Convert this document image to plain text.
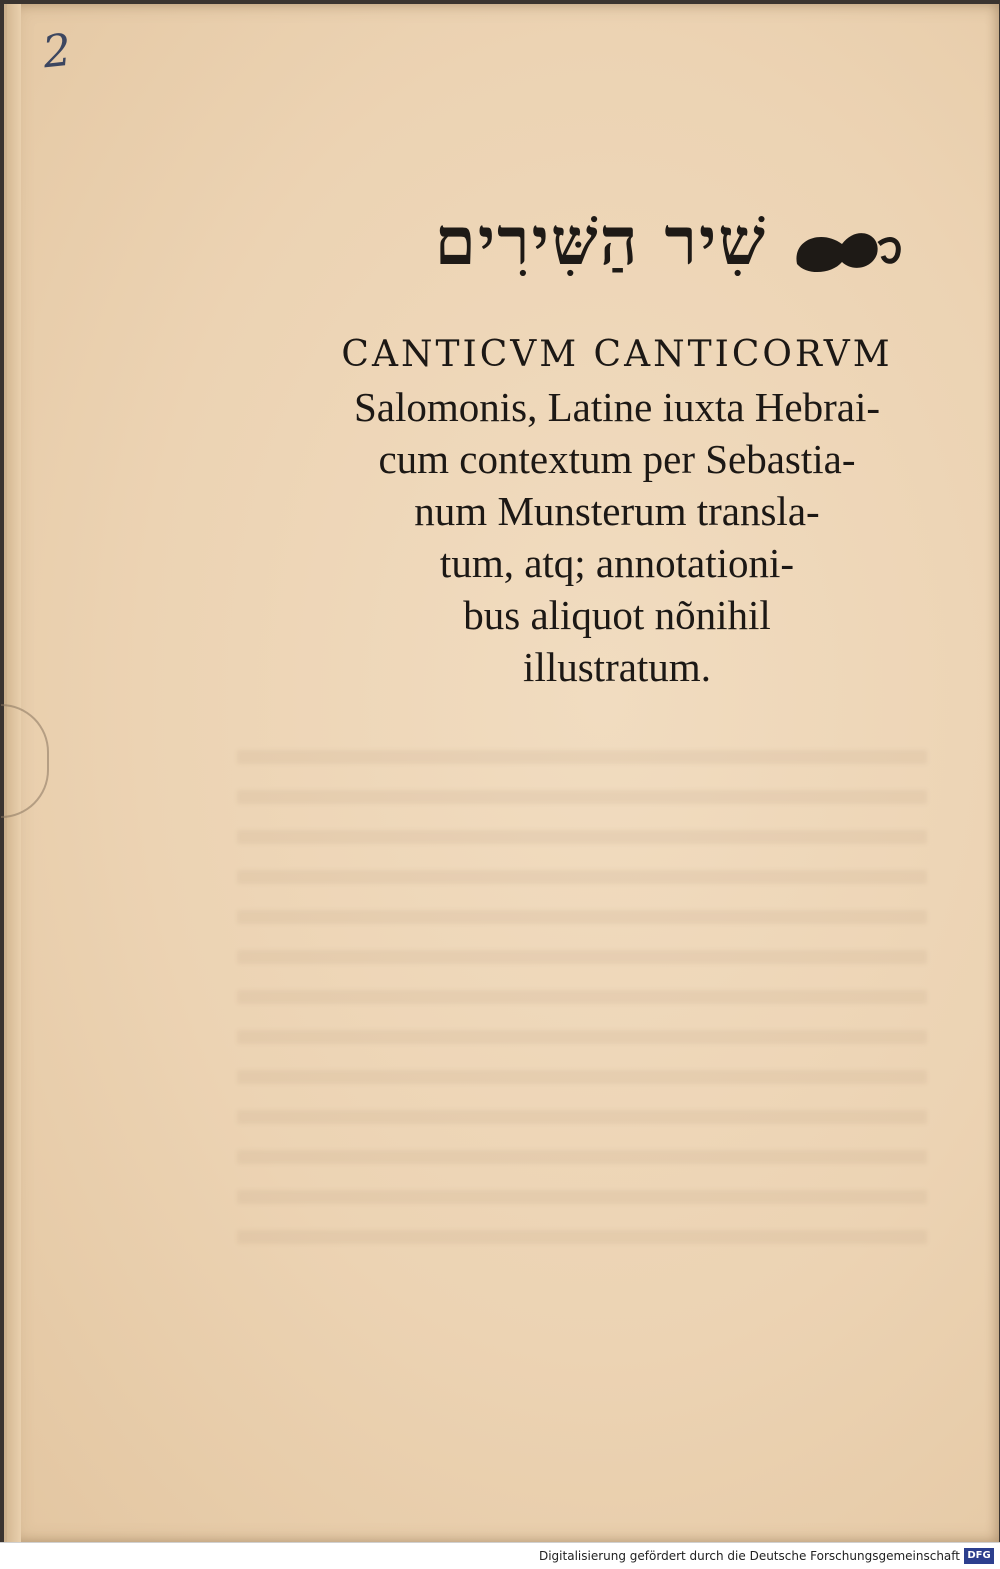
2
שִׁיר הַשִּׁירִים

CANTICVM CANTICORVM

Salomonis, Latine iuxta Hebrai-

cum contextum per Sebastia-

num Munsterum transla-

tum, atq; annotationi-

bus aliquot nõnihil

illustratum.

Digitalisierung gefördert durch die Deutsche Forschungsgemeinschaft DFG
